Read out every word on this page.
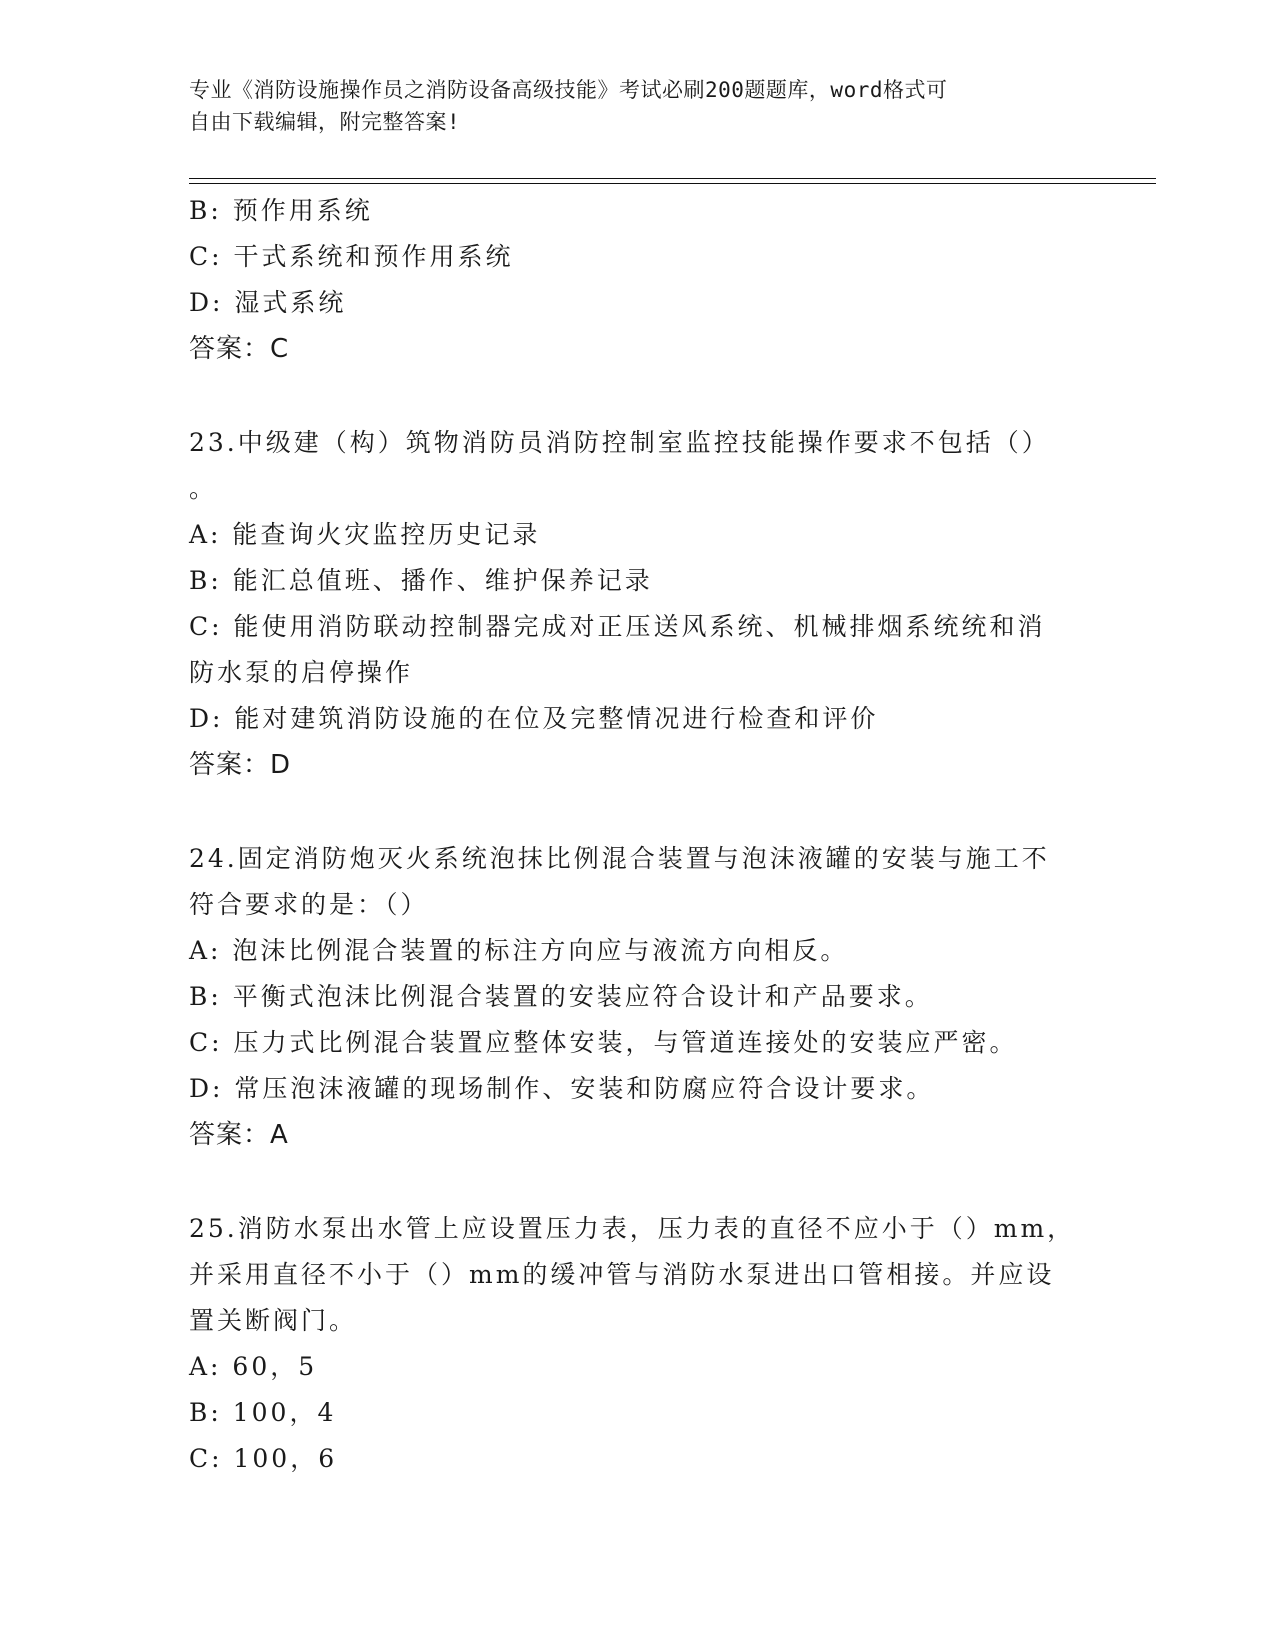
专业《消防设施操作员之消防设备高级技能》考试必刷200题题库，word格式可
自由下载编辑，附完整答案!
B: 预作用系统
C: 干式系统和预作用系统
D: 湿式系统
答案：C
23.中级建（构）筑物消防员消防控制室监控技能操作要求不包括（）
。
A: 能查询火灾监控历史记录
B: 能汇总值班、播作、维护保养记录
C: 能使用消防联动控制器完成对正压送风系统、机械排烟系统统和消
防水泵的启停操作
D: 能对建筑消防设施的在位及完整情况进行检查和评价
答案：D
24.固定消防炮灭火系统泡抹比例混合装置与泡沫液罐的安装与施工不
符合要求的是：（）
A: 泡沫比例混合装置的标注方向应与液流方向相反。
B: 平衡式泡沫比例混合装置的安装应符合设计和产品要求。
C: 压力式比例混合装置应整体安装，与管道连接处的安装应严密。
D: 常压泡沫液罐的现场制作、安装和防腐应符合设计要求。
答案：A
25.消防水泵出水管上应设置压力表，压力表的直径不应小于（）mm，
并采用直径不小于（）mm的缓冲管与消防水泵进出口管相接。并应设
置关断阀门。
A: 60，5
B: 100，4
C: 100，6
